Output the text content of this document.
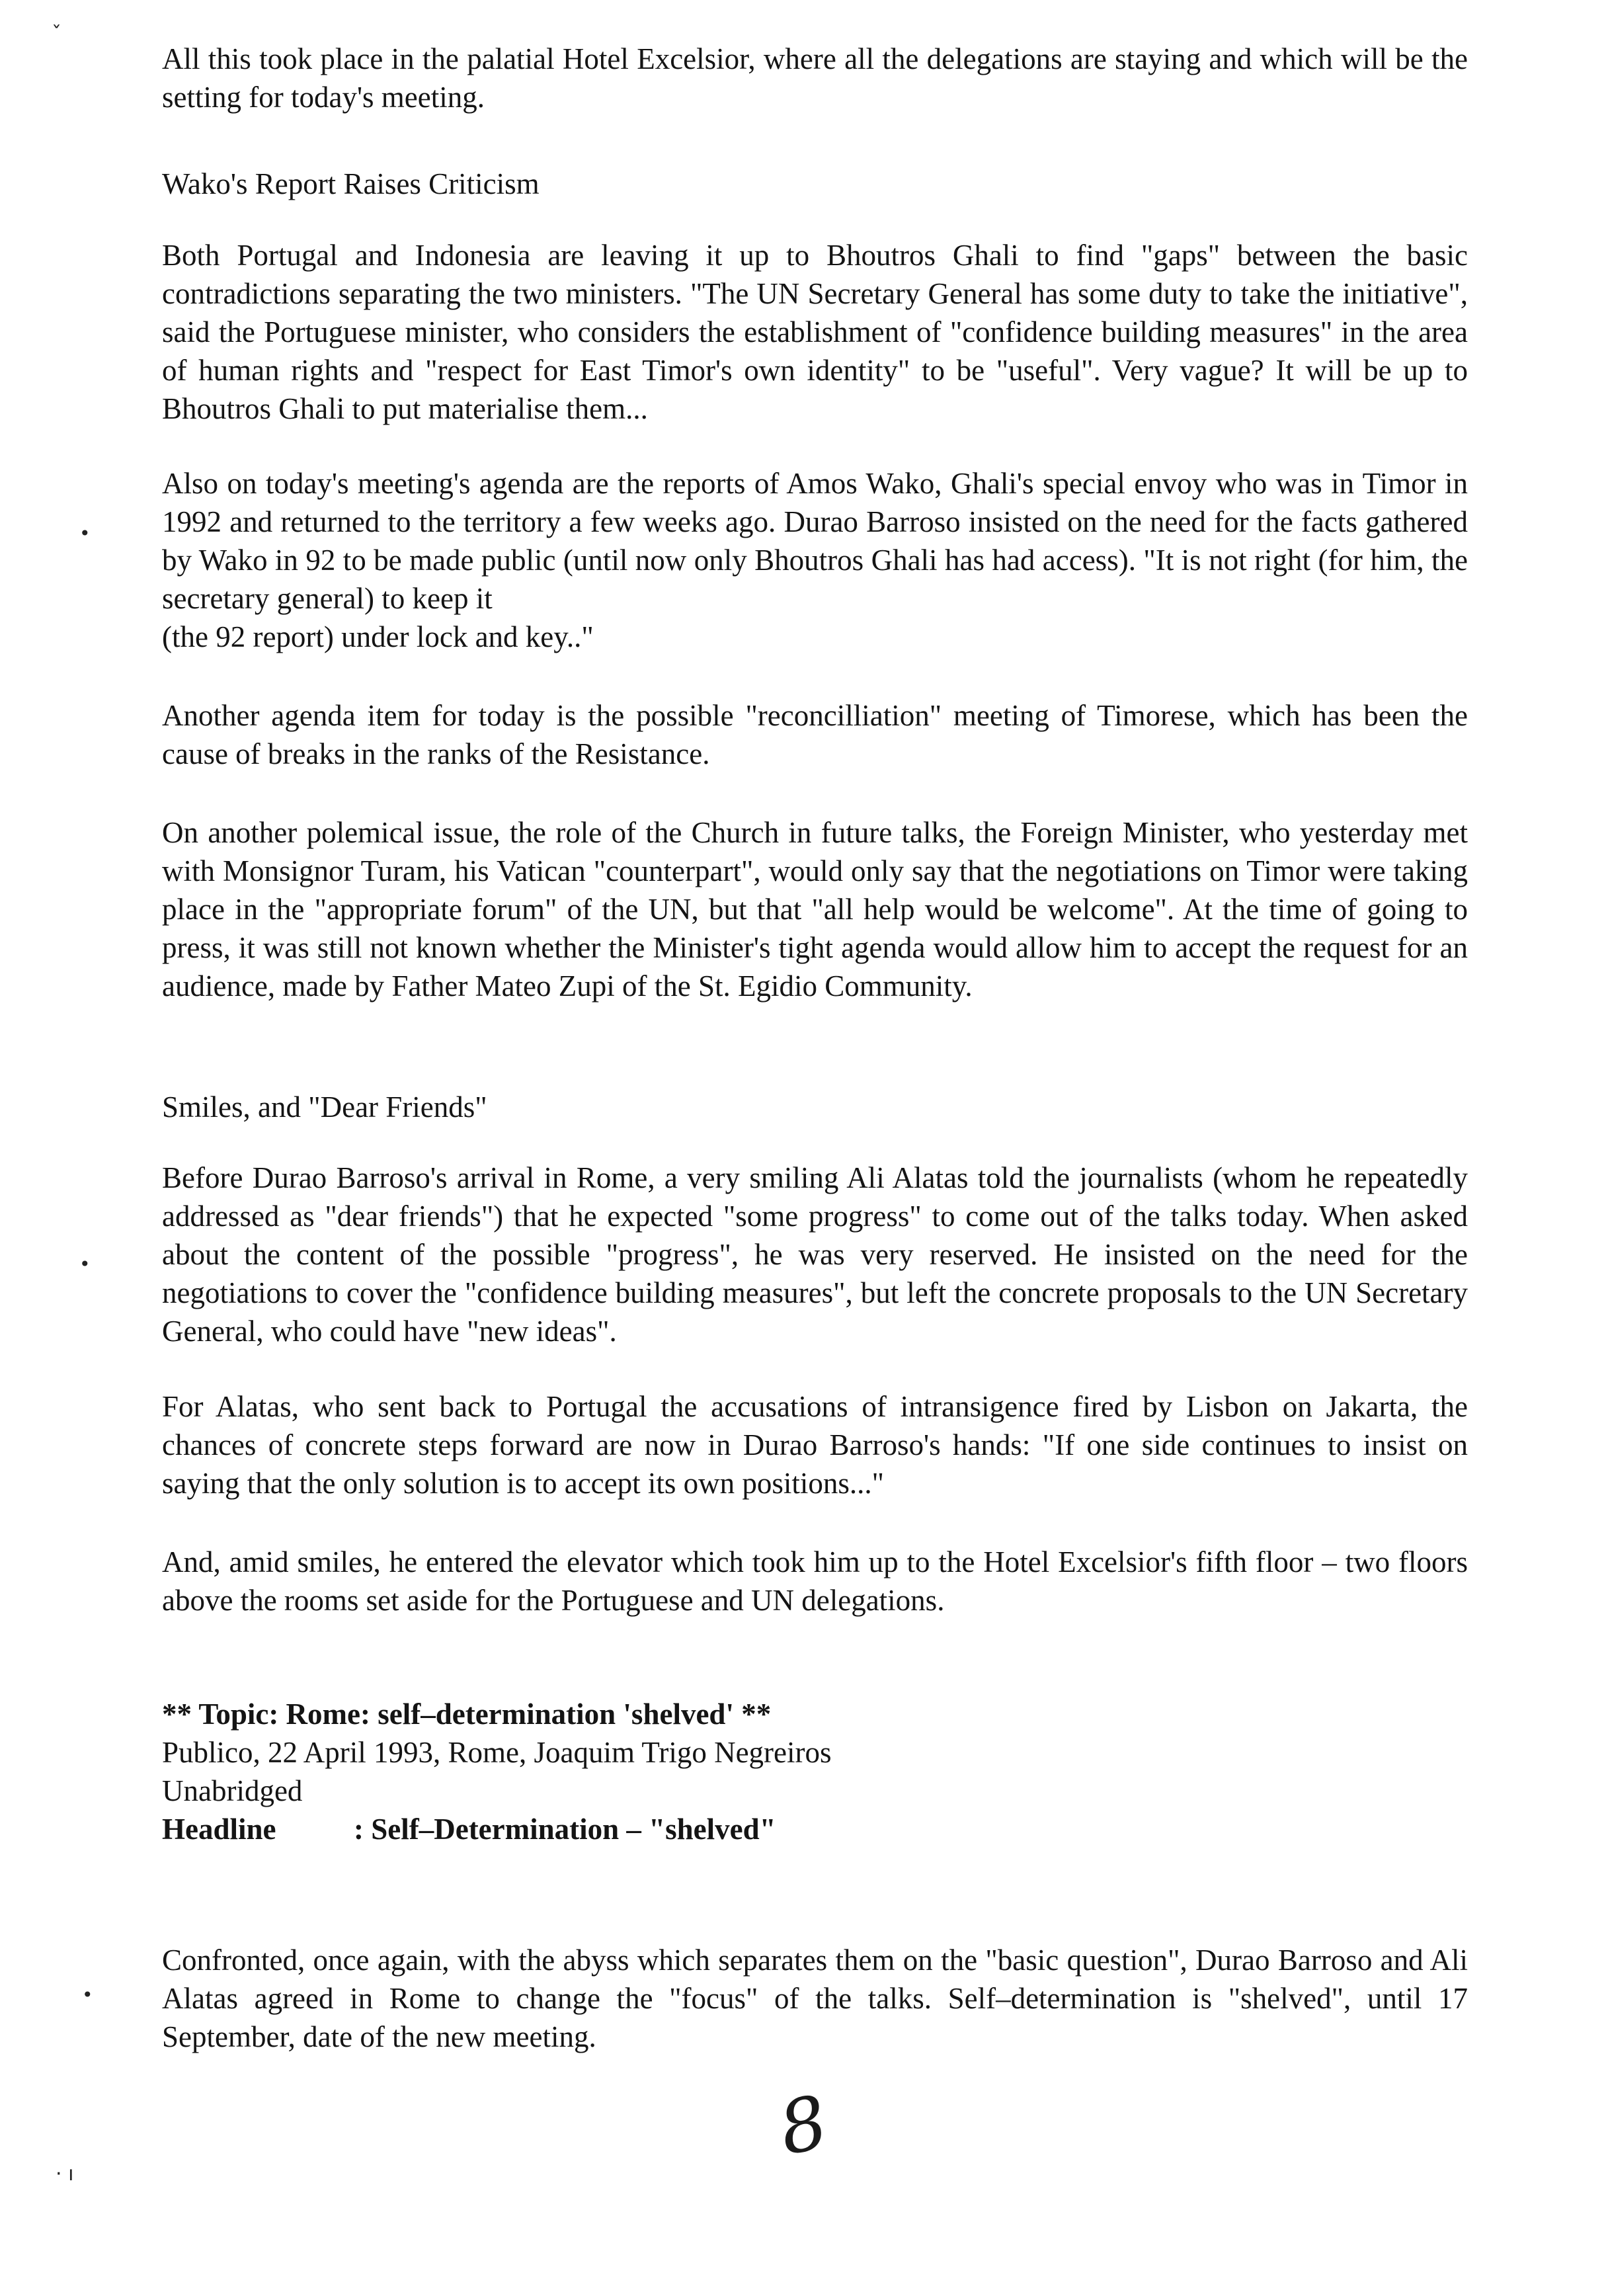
ˇ
•
•
•
· ı

All this took place in the palatial Hotel Excelsior, where all the delegations are staying and which will be the setting for today's meeting.

Wako's Report Raises Criticism

Both Portugal and Indonesia are leaving it up to Bhoutros Ghali to find "gaps" between the basic contradictions separating the two ministers. "The UN Secretary General has some duty to take the initiative", said the Portuguese minister, who considers the establishment of "confidence building measures" in the area of human rights and "respect for East Timor's own identity" to be "useful". Very vague? It will be up to Bhoutros Ghali to put materialise them...

Also on today's meeting's agenda are the reports of Amos Wako, Ghali's special envoy who was in Timor in 1992 and returned to the territory a few weeks ago. Durao Barroso insisted on the need for the facts gathered by Wako in 92 to be made public (until now only Bhoutros Ghali has had access). "It is not right (for him, the secretary general) to keep it
(the 92 report) under lock and key.."

Another agenda item for today is the possible "reconcilliation" meeting of Timorese, which has been the cause of breaks in the ranks of the Resistance.

On another polemical issue, the role of the Church in future talks, the Foreign Minister, who yesterday met with Monsignor Turam, his Vatican "counterpart", would only say that the negotiations on Timor were taking place in the "appropriate forum" of the UN, but that "all help would be welcome". At the time of going to press, it was still not known whether the Minister's tight agenda would allow him to accept the request for an audience, made by Father Mateo Zupi of the St. Egidio Community.

Smiles, and "Dear Friends"

Before Durao Barroso's arrival in Rome, a very smiling Ali Alatas told the journalists (whom he repeatedly addressed as "dear friends") that he expected "some progress" to come out of the talks today. When asked about the content of the possible "progress", he was very reserved. He insisted on the need for the negotiations to cover the "confidence building measures", but left the concrete proposals to the UN Secretary General, who could have "new ideas".

For Alatas, who sent back to Portugal the accusations of intransigence fired by Lisbon on Jakarta, the chances of concrete steps forward are now in Durao Barroso's hands: "If one side continues to insist on saying that the only solution is to accept its own positions..."

And, amid smiles, he entered the elevator which took him up to the Hotel Excelsior's fifth floor – two floors above the rooms set aside for the Portuguese and UN delegations.

** Topic: Rome: self–determination 'shelved' **
Publico, 22 April 1993, Rome, Joaquim Trigo Negreiros
Unabridged
Headline	: Self–Determination – "shelved"

Confronted, once again, with the abyss which separates them on the "basic question", Durao Barroso and Ali Alatas agreed in Rome to change the "focus" of the talks. Self–determination is "shelved", until 17 September, date of the new meeting.

8
